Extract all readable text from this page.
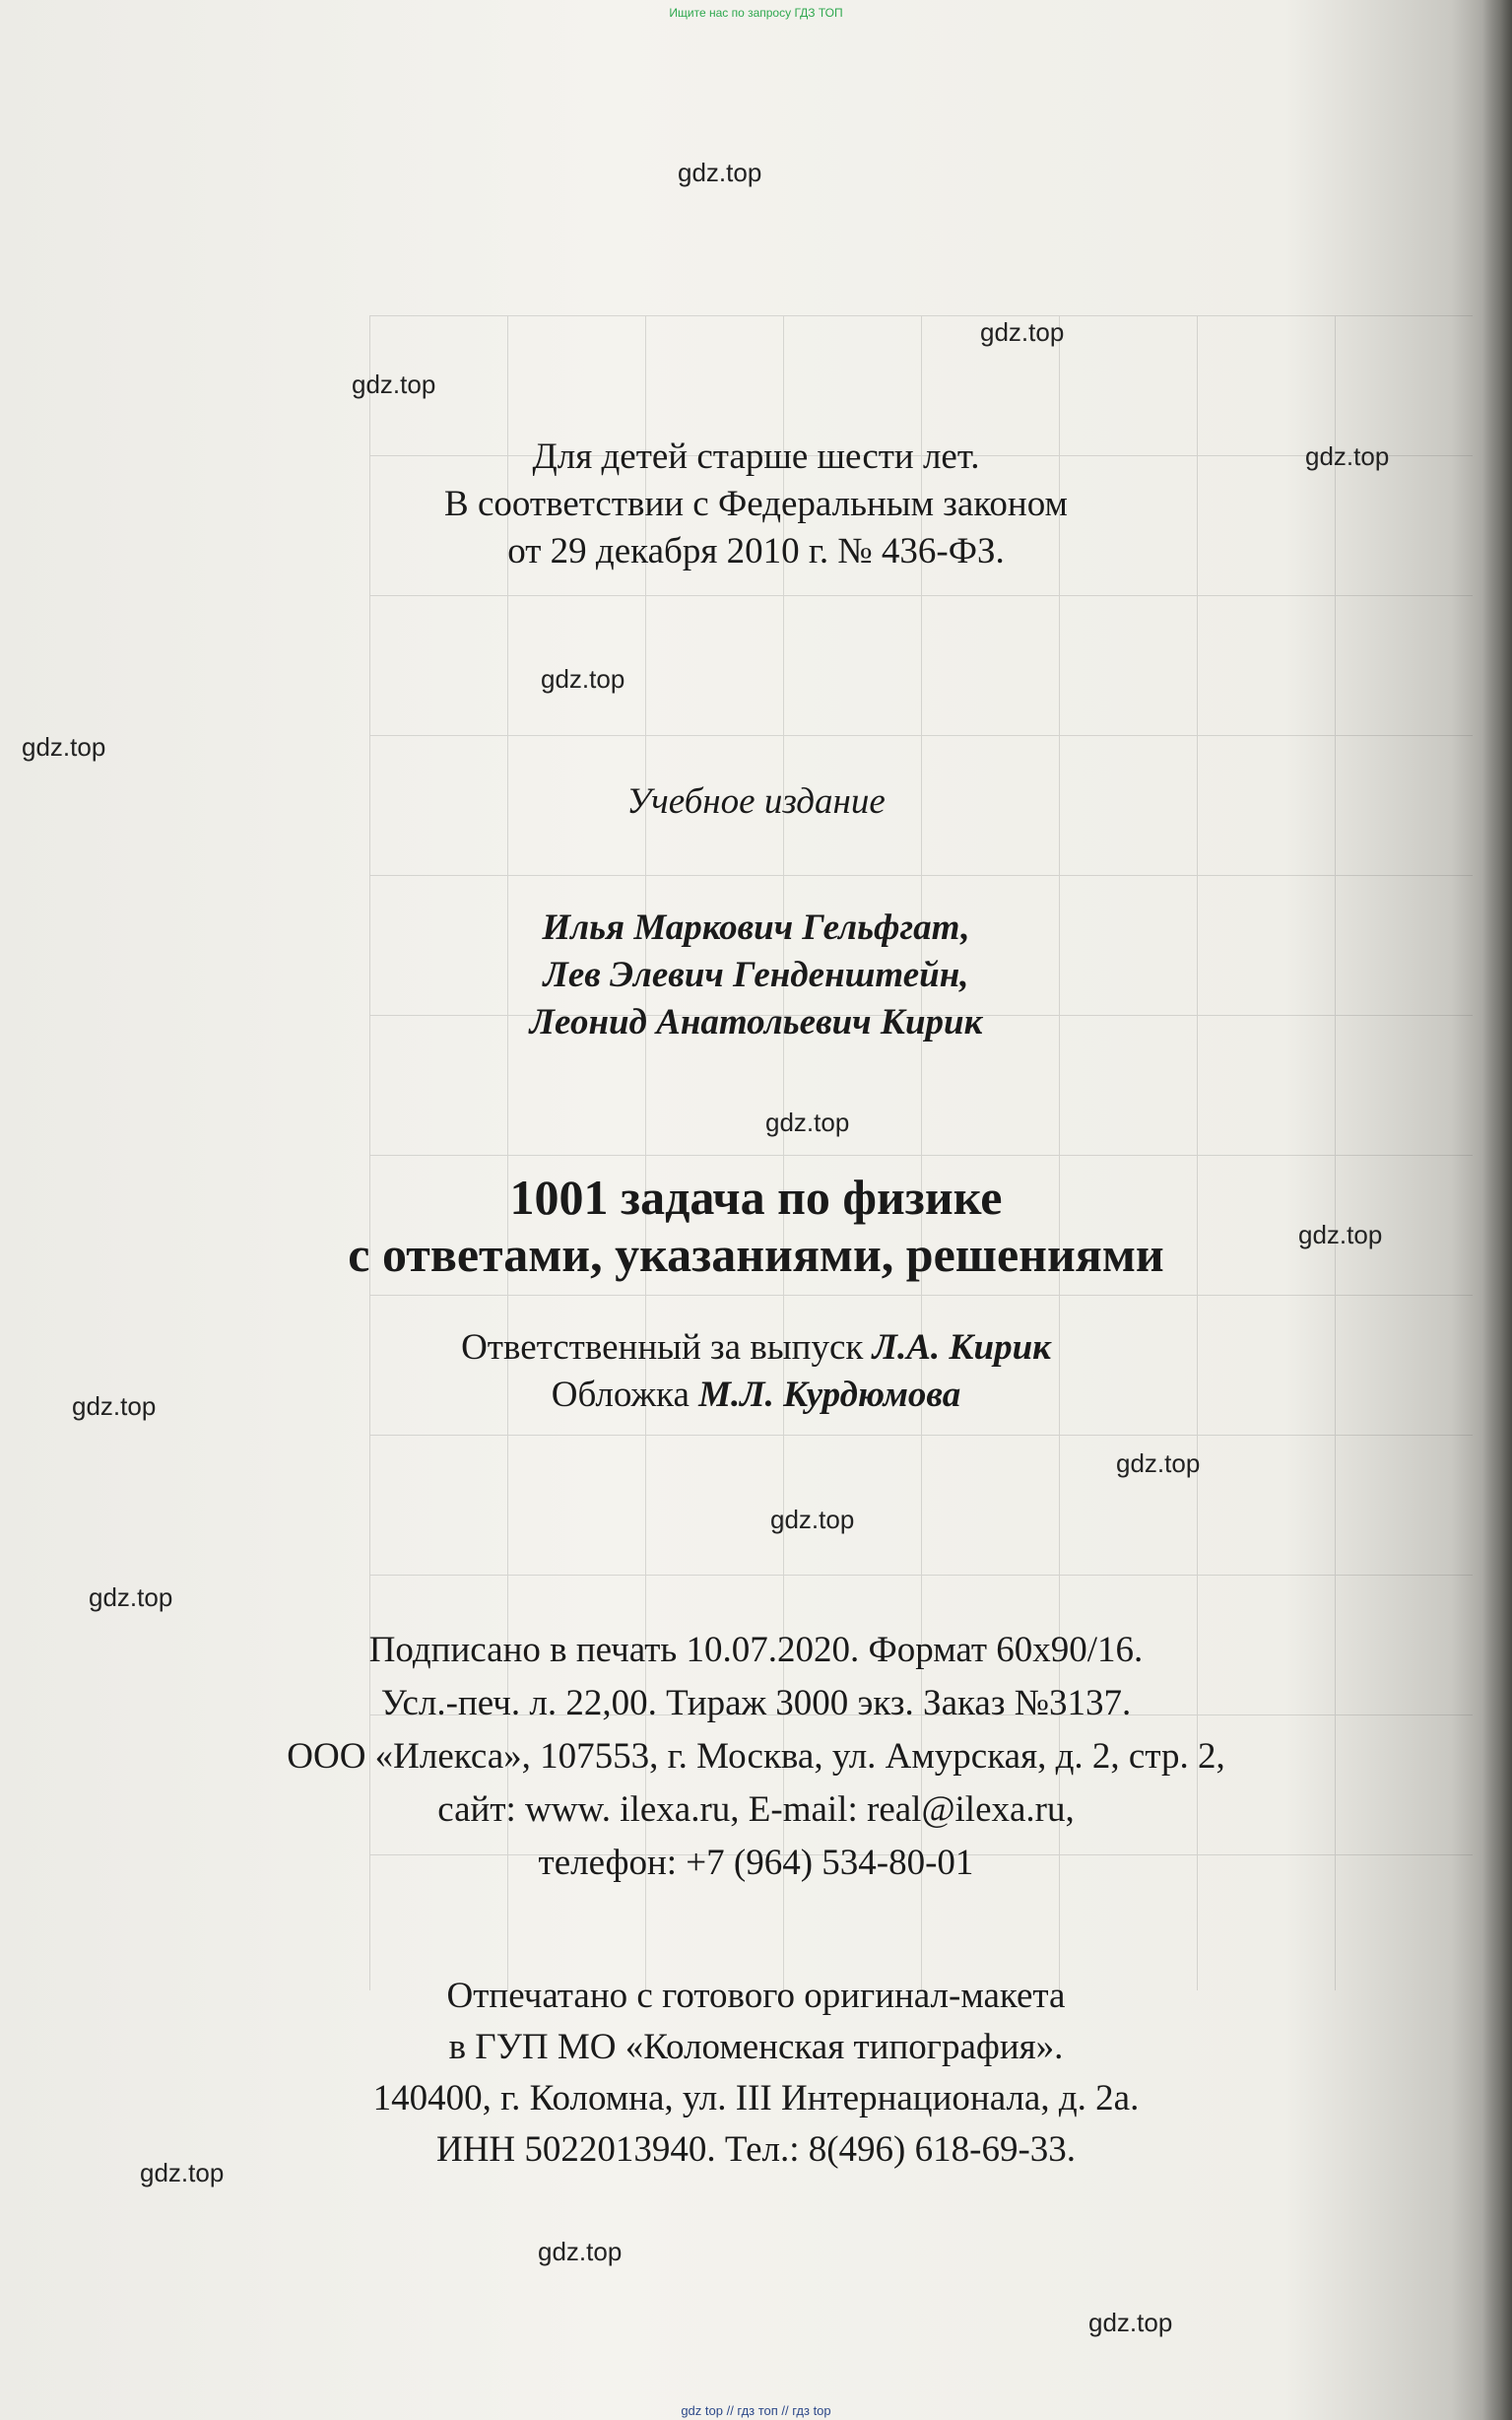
Ищите нас по запросу ГДЗ ТОП
gdz.top
gdz.top
gdz.top
gdz.top
gdz.top
gdz.top
gdz.top
gdz.top
gdz.top
gdz.top
gdz.top
gdz.top
gdz.top
gdz.top
gdz.top
Для детей старше шести лет.
В соответствии с Федеральным законом
от 29 декабря 2010 г. № 436-ФЗ.
Учебное издание
Илья Маркович Гельфгат,
Лев Элевич Генденштейн,
Леонид Анатольевич Кирик
1001 задача по физике
с ответами, указаниями, решениями
Ответственный за выпуск Л.А. Кирик
Обложка М.Л. Курдюмова
Подписано в печать 10.07.2020. Формат 60х90/16.
Усл.-печ. л. 22,00. Тираж 3000 экз. Заказ №3137.
ООО «Илекса», 107553, г. Москва, ул. Амурская, д. 2, стр. 2,
сайт: www. ilexa.ru, E-mail: real@ilexa.ru,
телефон: +7 (964) 534-80-01
Отпечатано с готового оригинал-макета
в ГУП МО «Коломенская типография».
140400, г. Коломна, ул. III Интернационала, д. 2а.
ИНН 5022013940. Тел.: 8(496) 618-69-33.
gdz top // гдз топ // гдз top
